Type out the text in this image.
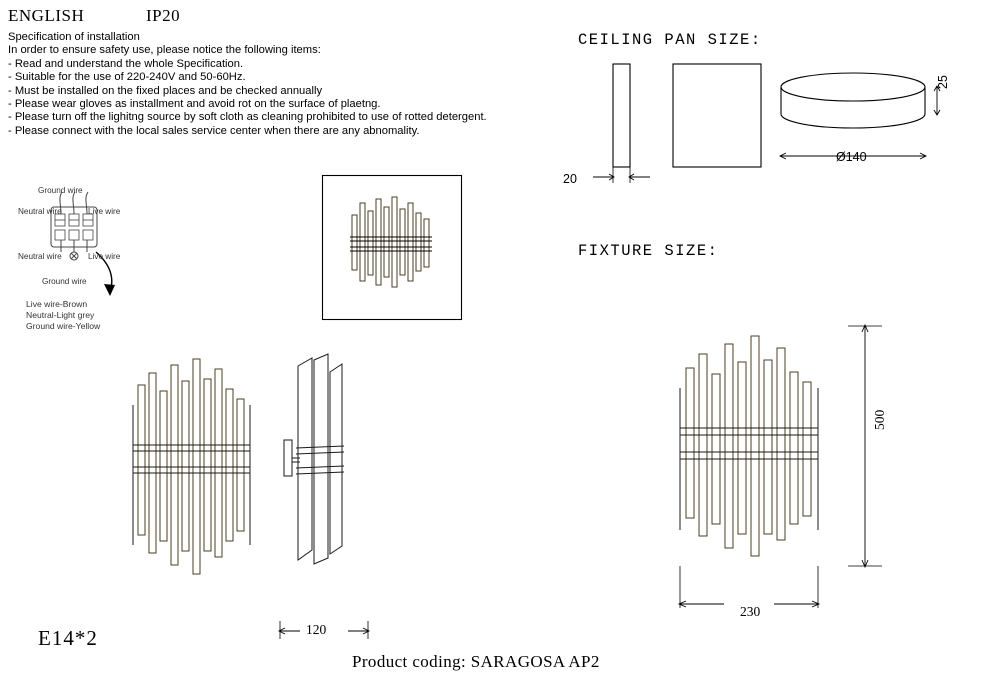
ENGLISH	IP20
Specification of installation
In order to ensure safety use, please notice the following items:
- Read and understand the whole Specification.
- Suitable for the use of 220-240V and 50-60Hz.
- Must be installed on the fixed places and be checked annually
- Please wear gloves as installment and avoid rot on the surface of plaetng.
- Please turn off the lighitng source by soft cloth as cleaning prohibited to use of rotted detergent.
- Please connect with the local sales service center when there are any abnomality.
CEILING PAN SIZE:
FIXTURE SIZE:
20
Ø140
25
Ground wire
Neutral wire	Live wire
Neutral wire	Live wire
Ground wire
Live wire-Brown
Neutral-Light grey
Ground wire-Yellow
120
500
230
E14*2
Product coding: SARAGOSA AP2
